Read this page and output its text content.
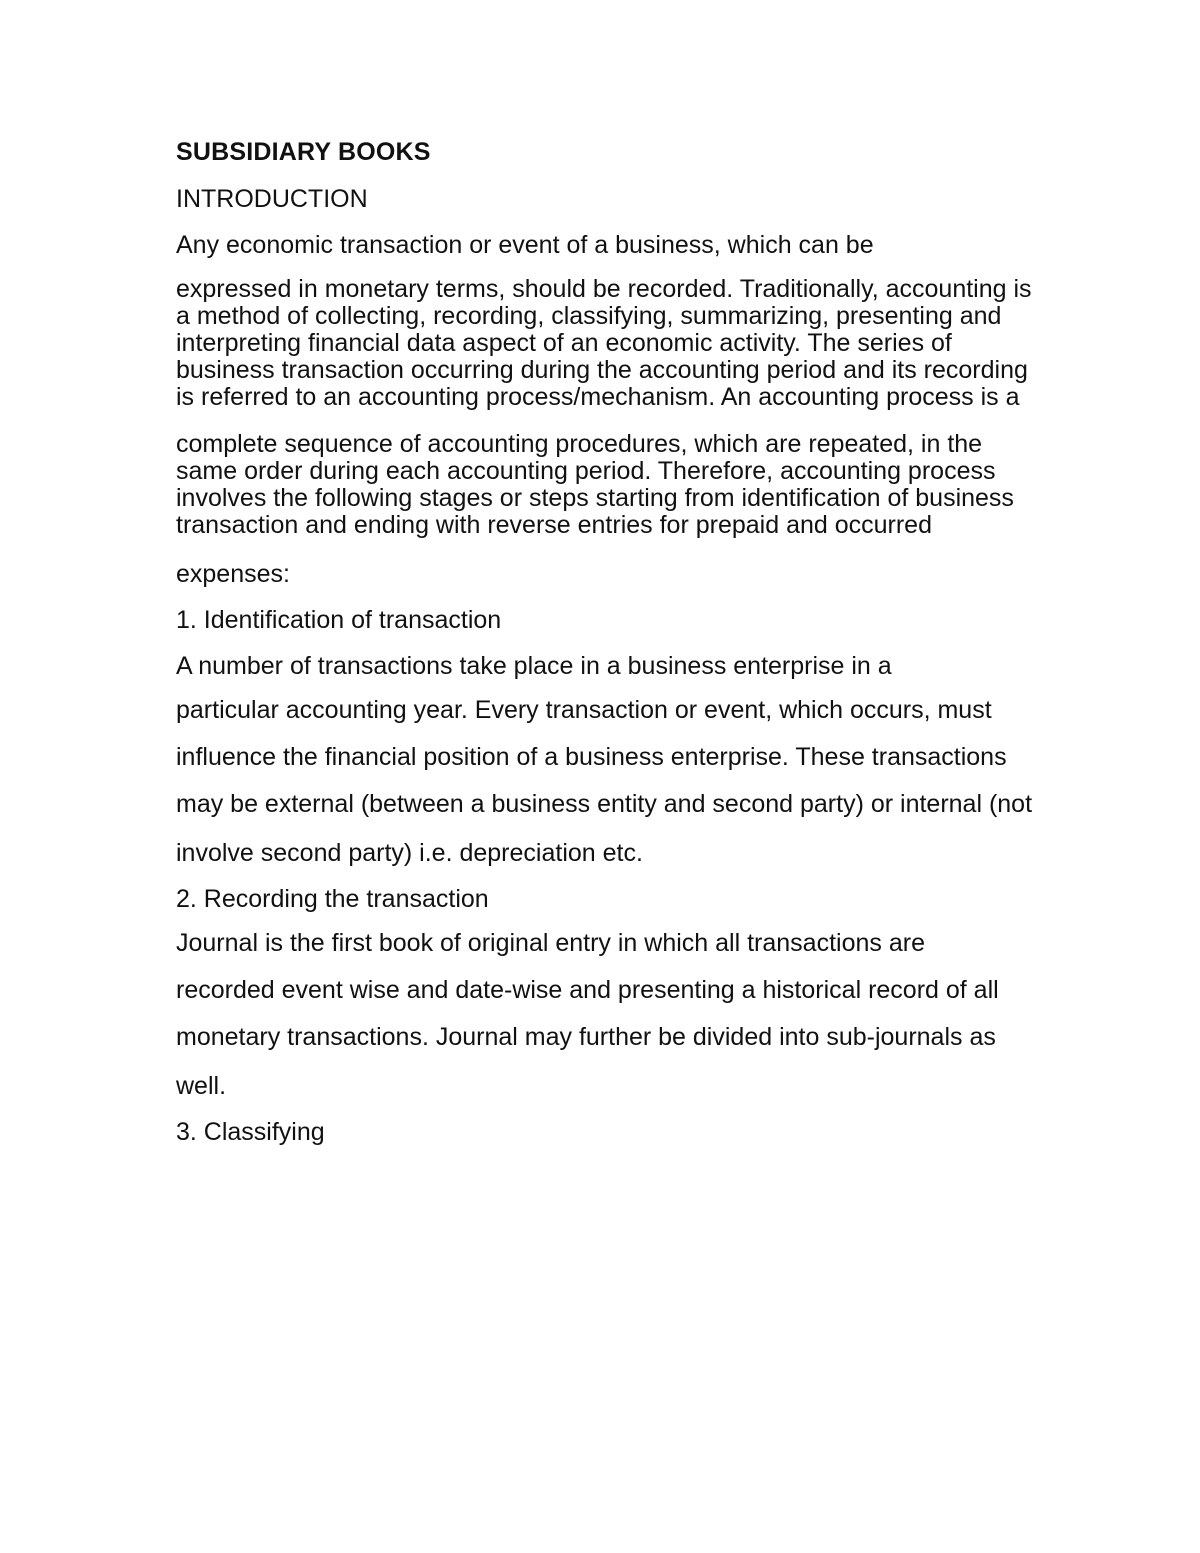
SUBSIDIARY BOOKS
INTRODUCTION
Any economic transaction or event of a business, which can be
expressed in monetary terms, should be recorded. Traditionally, accounting is a method of collecting, recording, classifying, summarizing, presenting and interpreting financial data aspect of an economic activity. The series of business transaction occurring during the accounting period and its recording is referred to an accounting process/mechanism. An accounting process is a
complete sequence of accounting procedures, which are repeated, in the same order during each accounting period. Therefore, accounting process involves the following stages or steps starting from identification of business transaction and ending with reverse entries for prepaid and occurred
expenses:
1. Identification of transaction
A number of transactions take place in a business enterprise in a
particular accounting year. Every transaction or event, which occurs, must
influence the financial position of a business enterprise. These transactions
may be external (between a business entity and second party) or internal (not
involve second party) i.e. depreciation etc.
2. Recording the transaction
Journal is the first book of original entry in which all transactions are
recorded event wise and date-wise and presenting a historical record of all
monetary transactions. Journal may further be divided into sub-journals as
well.
3. Classifying
